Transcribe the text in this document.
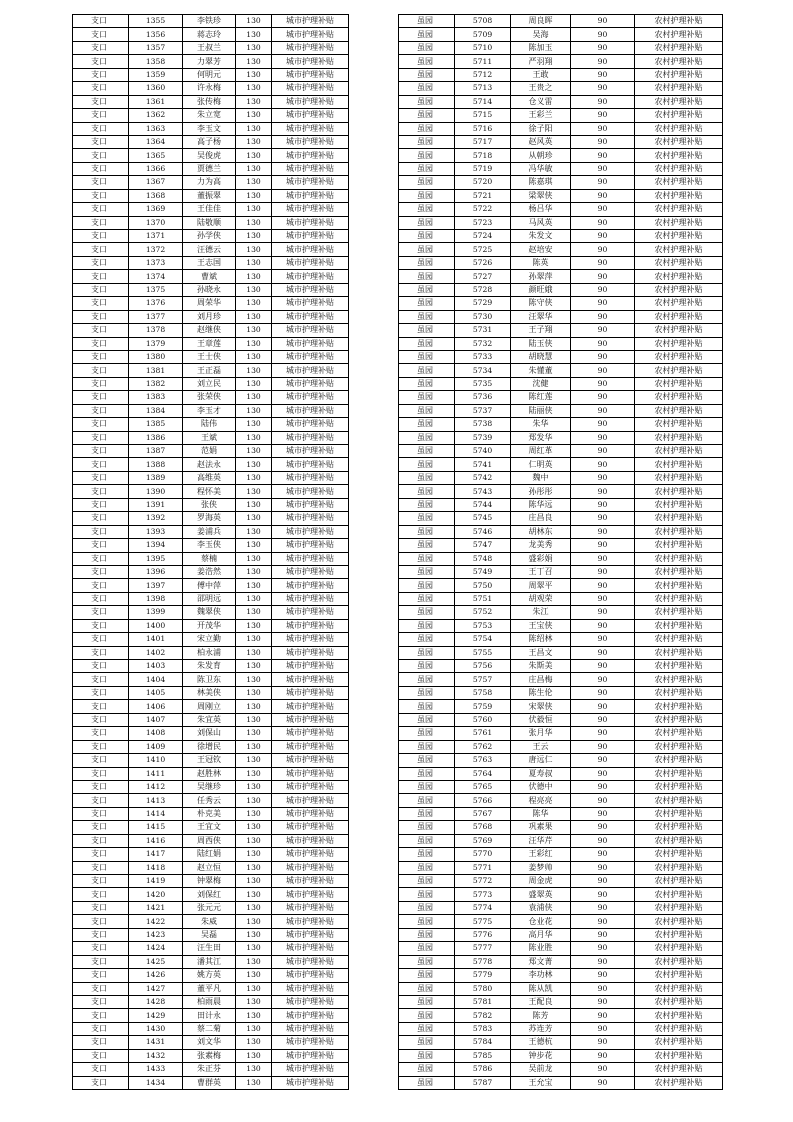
支口	1355	李铁珍	130	城市护理补贴
支口	1356	蒋志玲	130	城市护理补贴
支口	1357	王叔兰	130	城市护理补贴
支口	1358	力翠芳	130	城市护理补贴
支口	1359	何明元	130	城市护理补贴
支口	1360	许永梅	130	城市护理补贴
支口	1361	张传梅	130	城市护理补贴
支口	1362	朱立宽	130	城市护理补贴
支口	1363	李玉文	130	城市护理补贴
支口	1364	高子杨	130	城市护理补贴
支口	1365	吴俊虎	130	城市护理补贴
支口	1366	贾德兰	130	城市护理补贴
支口	1367	力为高	130	城市护理补贴
支口	1368	董振翠	130	城市护理补贴
支口	1369	王佳佳	130	城市护理补贴
支口	1370	陆敬顺	130	城市护理补贴
支口	1371	孙学侠	130	城市护理补贴
支口	1372	汪德云	130	城市护理补贴
支口	1373	王志国	130	城市护理补贴
支口	1374	曹斌	130	城市护理补贴
支口	1375	孙晓永	130	城市护理补贴
支口	1376	周荣华	130	城市护理补贴
支口	1377	刘月珍	130	城市护理补贴
支口	1378	赵继侠	130	城市护理补贴
支口	1379	王章莲	130	城市护理补贴
支口	1380	王士侠	130	城市护理补贴
支口	1381	王正磊	130	城市护理补贴
支口	1382	刘立民	130	城市护理补贴
支口	1383	张荣侠	130	城市护理补贴
支口	1384	李玉才	130	城市护理补贴
支口	1385	陆伟	130	城市护理补贴
支口	1386	王斌	130	城市护理补贴
支口	1387	范娟	130	城市护理补贴
支口	1388	赵法永	130	城市护理补贴
支口	1389	高维英	130	城市护理补贴
支口	1390	程怀美	130	城市护理补贴
支口	1391	张侠	130	城市护理补贴
支口	1392	罗海英	130	城市护理补贴
支口	1393	姜浦兵	130	城市护理补贴
支口	1394	李玉侠	130	城市护理补贴
支口	1395	蔡楠	130	城市护理补贴
支口	1396	姜浩然	130	城市护理补贴
支口	1397	傅中萍	130	城市护理补贴
支口	1398	邵明远	130	城市护理补贴
支口	1399	魏翠侠	130	城市护理补贴
支口	1400	开茂华	130	城市护理补贴
支口	1401	宋立勤	130	城市护理补贴
支口	1402	柏永浦	130	城市护理补贴
支口	1403	朱发育	130	城市护理补贴
支口	1404	陈卫东	130	城市护理补贴
支口	1405	林美侠	130	城市护理补贴
支口	1406	周刚立	130	城市护理补贴
支口	1407	朱宜英	130	城市护理补贴
支口	1408	刘保山	130	城市护理补贴
支口	1409	徐增民	130	城市护理补贴
支口	1410	王冠钦	130	城市护理补贴
支口	1411	赵胜林	130	城市护理补贴
支口	1412	吴继珍	130	城市护理补贴
支口	1413	任秀云	130	城市护理补贴
支口	1414	朴克美	130	城市护理补贴
支口	1415	王宜文	130	城市护理补贴
支口	1416	周西侠	130	城市护理补贴
支口	1417	陆红娟	130	城市护理补贴
支口	1418	赵立恒	130	城市护理补贴
支口	1419	钟翠梅	130	城市护理补贴
支口	1420	刘保红	130	城市护理补贴
支口	1421	张元元	130	城市护理补贴
支口	1422	朱威	130	城市护理补贴
支口	1423	吴磊	130	城市护理补贴
支口	1424	汪生田	130	城市护理补贴
支口	1425	潘其江	130	城市护理补贴
支口	1426	姚方英	130	城市护理补贴
支口	1427	董平凡	130	城市护理补贴
支口	1428	柏雨晨	130	城市护理补贴
支口	1429	田计永	130	城市护理补贴
支口	1430	蔡二菊	130	城市护理补贴
支口	1431	刘文华	130	城市护理补贴
支口	1432	张素梅	130	城市护理补贴
支口	1433	朱正芬	130	城市护理补贴
支口	1434	曹群英	130	城市护理补贴
虽园	5708	周良晖	90	农村护理补贴
虽园	5709	吴海	90	农村护理补贴
虽园	5710	陈加玉	90	农村护理补贴
虽园	5711	严羽翔	90	农村护理补贴
虽园	5712	王敢	90	农村护理补贴
虽园	5713	王贵之	90	农村护理补贴
虽园	5714	仓义雷	90	农村护理补贴
虽园	5715	王彩兰	90	农村护理补贴
虽园	5716	徐子阳	90	农村护理补贴
虽园	5717	赵风英	90	农村护理补贴
虽园	5718	从朝珍	90	农村护理补贴
虽园	5719	冯华敏	90	农村护理补贴
虽园	5720	陈嘉琪	90	农村护理补贴
虽园	5721	梁翠侠	90	农村护理补贴
虽园	5722	杨吕华	90	农村护理补贴
虽园	5723	马风英	90	农村护理补贴
虽园	5724	朱发文	90	农村护理补贴
虽园	5725	赵培安	90	农村护理补贴
虽园	5726	陈英	90	农村护理补贴
虽园	5727	孙翠萍	90	农村护理补贴
虽园	5728	颜旺娥	90	农村护理补贴
虽园	5729	陈守侠	90	农村护理补贴
虽园	5730	汪翠华	90	农村护理补贴
虽园	5731	王子翔	90	农村护理补贴
虽园	5732	陆玉侠	90	农村护理补贴
虽园	5733	胡晓慧	90	农村护理补贴
虽园	5734	朱懂董	90	农村护理补贴
虽园	5735	沈健	90	农村护理补贴
虽园	5736	陈红莲	90	农村护理补贴
虽园	5737	陆丽侠	90	农村护理补贴
虽园	5738	朱华	90	农村护理补贴
虽园	5739	郑发华	90	农村护理补贴
虽园	5740	周红革	90	农村护理补贴
虽园	5741	仁明英	90	农村护理补贴
虽园	5742	魏中	90	农村护理补贴
虽园	5743	孙彤彤	90	农村护理补贴
虽园	5744	陈华远	90	农村护理补贴
虽园	5745	庄昌良	90	农村护理补贴
虽园	5746	胡林东	90	农村护理补贴
虽园	5747	龙美秀	90	农村护理补贴
虽园	5748	盛彩娟	90	农村护理补贴
虽园	5749	王丁召	90	农村护理补贴
虽园	5750	周翠平	90	农村护理补贴
虽园	5751	胡观荣	90	农村护理补贴
虽园	5752	朱江	90	农村护理补贴
虽园	5753	王宝侠	90	农村护理补贴
虽园	5754	陈绍林	90	农村护理补贴
虽园	5755	王昌文	90	农村护理补贴
虽园	5756	朱斯美	90	农村护理补贴
虽园	5757	庄昌梅	90	农村护理补贴
虽园	5758	陈生伦	90	农村护理补贴
虽园	5759	宋翠侠	90	农村护理补贴
虽园	5760	伏毅恒	90	农村护理补贴
虽园	5761	张月华	90	农村护理补贴
虽园	5762	王云	90	农村护理补贴
虽园	5763	唐远仁	90	农村护理补贴
虽园	5764	夏寿叔	90	农村护理补贴
虽园	5765	伏德中	90	农村护理补贴
虽园	5766	程亮亮	90	农村护理补贴
虽园	5767	陈华	90	农村护理补贴
虽园	5768	巩素果	90	农村护理补贴
虽园	5769	汪华芹	90	农村护理补贴
虽园	5770	王彩红	90	农村护理补贴
虽园	5771	姜梦帅	90	农村护理补贴
虽园	5772	周金虎	90	农村护理补贴
虽园	5773	盛翠英	90	农村护理补贴
虽园	5774	袁浦侠	90	农村护理补贴
虽园	5775	仓业花	90	农村护理补贴
虽园	5776	高月华	90	农村护理补贴
虽园	5777	陈业胜	90	农村护理补贴
虽园	5778	郑文菁	90	农村护理补贴
虽园	5779	李功林	90	农村护理补贴
虽园	5780	陈从凯	90	农村护理补贴
虽园	5781	王配良	90	农村护理补贴
虽园	5782	陈芳	90	农村护理补贴
虽园	5783	苏连芳	90	农村护理补贴
虽园	5784	王德杭	90	农村护理补贴
虽园	5785	钟步花	90	农村护理补贴
虽园	5786	吴前龙	90	农村护理补贴
虽园	5787	王允宝	90	农村护理补贴
